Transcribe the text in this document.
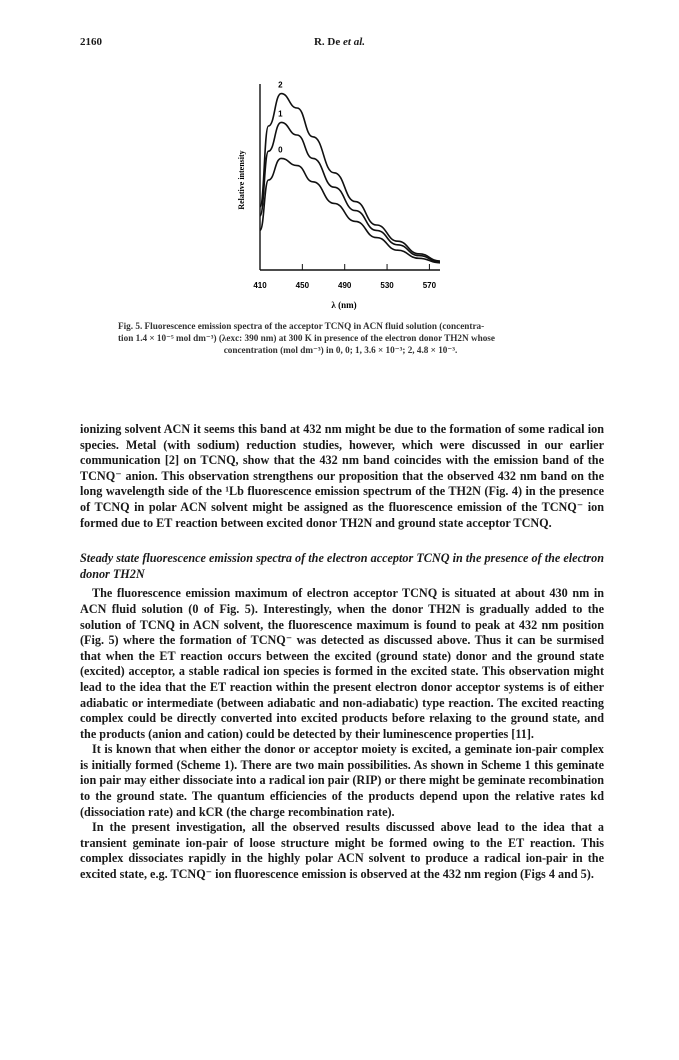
2160	R. De et al.
410	450	490	530	570
λ (nm)
Relative intensity
2
1
0
Fig. 5. Fluorescence emission spectra of the acceptor TCNQ in ACN fluid solution (concentra-
tion 1.4 × 10⁻⁵ mol dm⁻³) (λexc: 390 nm) at 300 K in presence of the electron donor TH2N whose

concentration (mol dm⁻³) in 0, 0; 1, 3.6 × 10⁻³; 2, 4.8 × 10⁻³.

ionizing solvent ACN it seems this band at 432 nm might be due to the formation of some radical ion species. Metal (with sodium) reduction studies, however, which were discussed in our earlier communication [2] on TCNQ, show that the 432 nm band coincides with the emission band of the TCNQ⁻ anion. This observation strengthens our proposition that the observed 432 nm band on the long wavelength side of the ¹Lb fluorescence emission spectrum of the TH2N (Fig. 4) in the presence of TCNQ in polar ACN solvent might be assigned as the fluorescence emission of the TCNQ⁻ ion formed due to ET reaction between excited donor TH2N and ground state acceptor TCNQ.

Steady state fluorescence emission spectra of the electron acceptor TCNQ in the presence of the electron donor TH2N

The fluorescence emission maximum of electron acceptor TCNQ is situated at about 430 nm in ACN fluid solution (0 of Fig. 5). Interestingly, when the donor TH2N is gradually added to the solution of TCNQ in ACN solvent, the fluorescence maximum is found to peak at 432 nm position (Fig. 5) where the formation of TCNQ⁻ was detected as discussed above. Thus it can be surmised that when the ET reaction occurs between the excited (ground state) donor and the ground state (excited) acceptor, a stable radical ion species is formed in the excited state. This observation might lead to the idea that the ET reaction within the present electron donor acceptor systems is of either adiabatic or intermediate (between adiabatic and non-adiabatic) type reaction. The excited reacting complex could be directly converted into excited products before relaxing to the ground state, and the products (anion and cation) could be detected by their luminescence properties [11].

It is known that when either the donor or acceptor moiety is excited, a geminate ion-pair complex is initially formed (Scheme 1). There are two main possibilities. As shown in Scheme 1 this geminate ion pair may either dissociate into a radical ion pair (RIP) or there might be geminate recombination to the ground state. The quantum efficiencies of the products depend upon the relative rates kd (dissociation rate) and kCR (the charge recombination rate).

In the present investigation, all the observed results discussed above lead to the idea that a transient geminate ion-pair of loose structure might be formed owing to the ET reaction. This complex dissociates rapidly in the highly polar ACN solvent to produce a radical ion-pair in the excited state, e.g. TCNQ⁻ ion fluorescence emission is observed at the 432 nm region (Figs 4 and 5).
